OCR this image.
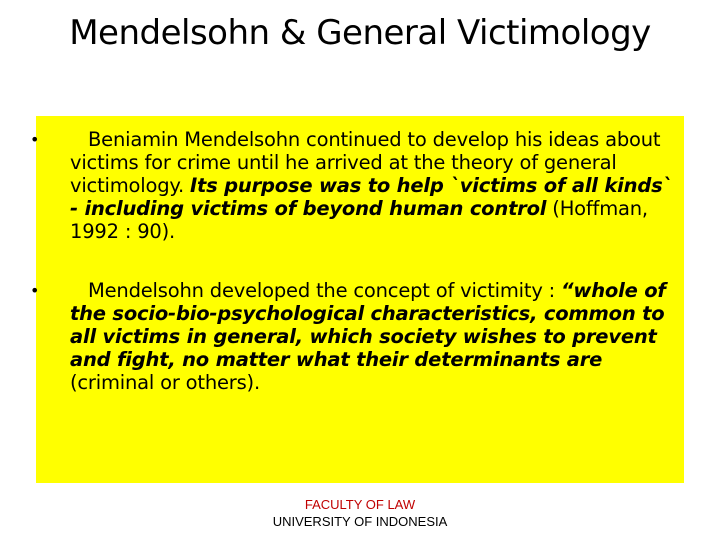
Mendelsohn & General Victimology
•	Beniamin Mendelsohn continued to develop his ideas about victims for crime until he arrived at the theory of general victimology. Its purpose was to help `victims of all kinds` - including victims of beyond human control (Hoffman, 1992 : 90).
•	Mendelsohn developed the concept of victimity : “whole of the socio-bio-psychological characteristics, common to all victims in general, which society wishes to prevent and fight, no matter what their determinants are (criminal or others).
FACULTY OF LAW
UNIVERSITY OF INDONESIA
